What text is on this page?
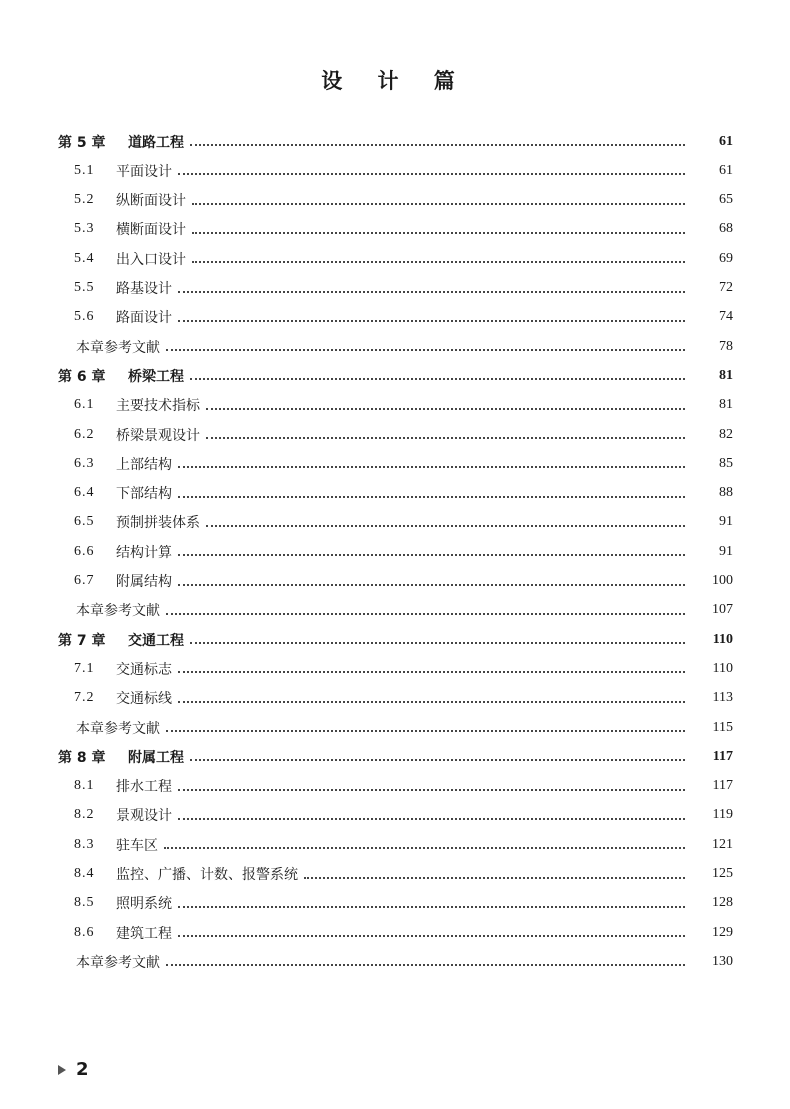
设 计 篇
第 5 章	道路工程	61
5.1	平面设计	61
5.2	纵断面设计	65
5.3	横断面设计	68
5.4	出入口设计	69
5.5	路基设计	72
5.6	路面设计	74
本章参考文献	78
第 6 章	桥梁工程	81
6.1	主要技术指标	81
6.2	桥梁景观设计	82
6.3	上部结构	85
6.4	下部结构	88
6.5	预制拼装体系	91
6.6	结构计算	91
6.7	附属结构	100
本章参考文献	107
第 7 章	交通工程	110
7.1	交通标志	110
7.2	交通标线	113
本章参考文献	115
第 8 章	附属工程	117
8.1	排水工程	117
8.2	景观设计	119
8.3	驻车区	121
8.4	监控、广播、计数、报警系统	125
8.5	照明系统	128
8.6	建筑工程	129
本章参考文献	130
2
